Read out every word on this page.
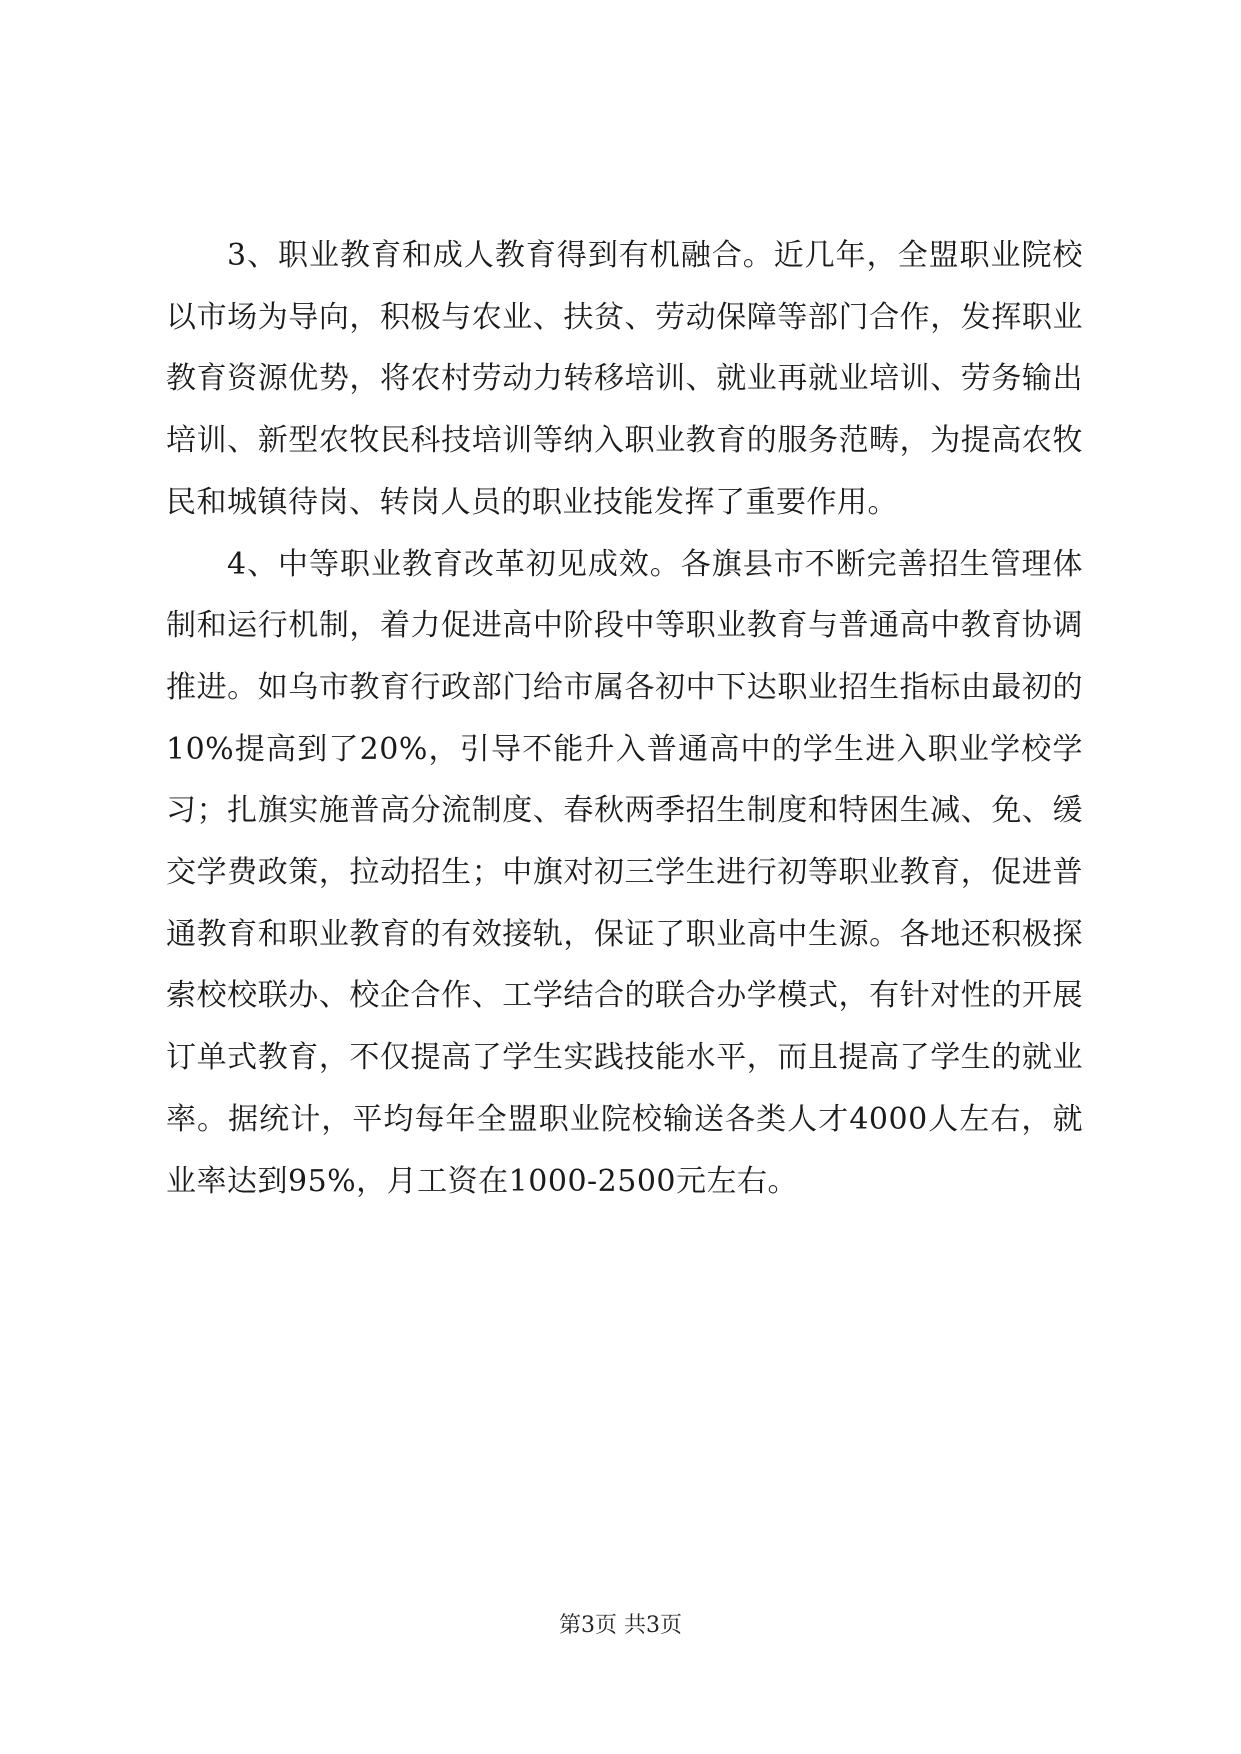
3、职业教育和成人教育得到有机融合。近几年，全盟职业院校以市场为导向，积极与农业、扶贫、劳动保障等部门合作，发挥职业教育资源优势，将农村劳动力转移培训、就业再就业培训、劳务输出培训、新型农牧民科技培训等纳入职业教育的服务范畴，为提高农牧民和城镇待岗、转岗人员的职业技能发挥了重要作用。

4、中等职业教育改革初见成效。各旗县市不断完善招生管理体制和运行机制，着力促进高中阶段中等职业教育与普通高中教育协调推进。如乌市教育行政部门给市属各初中下达职业招生指标由最初的10%提高到了20%，引导不能升入普通高中的学生进入职业学校学习；扎旗实施普高分流制度、春秋两季招生制度和特困生减、免、缓交学费政策，拉动招生；中旗对初三学生进行初等职业教育，促进普通教育和职业教育的有效接轨，保证了职业高中生源。各地还积极探索校校联办、校企合作、工学结合的联合办学模式，有针对性的开展订单式教育，不仅提高了学生实践技能水平，而且提高了学生的就业率。据统计，平均每年全盟职业院校输送各类人才4000人左右，就业率达到95%，月工资在1000-2500元左右。

第3页 共3页
